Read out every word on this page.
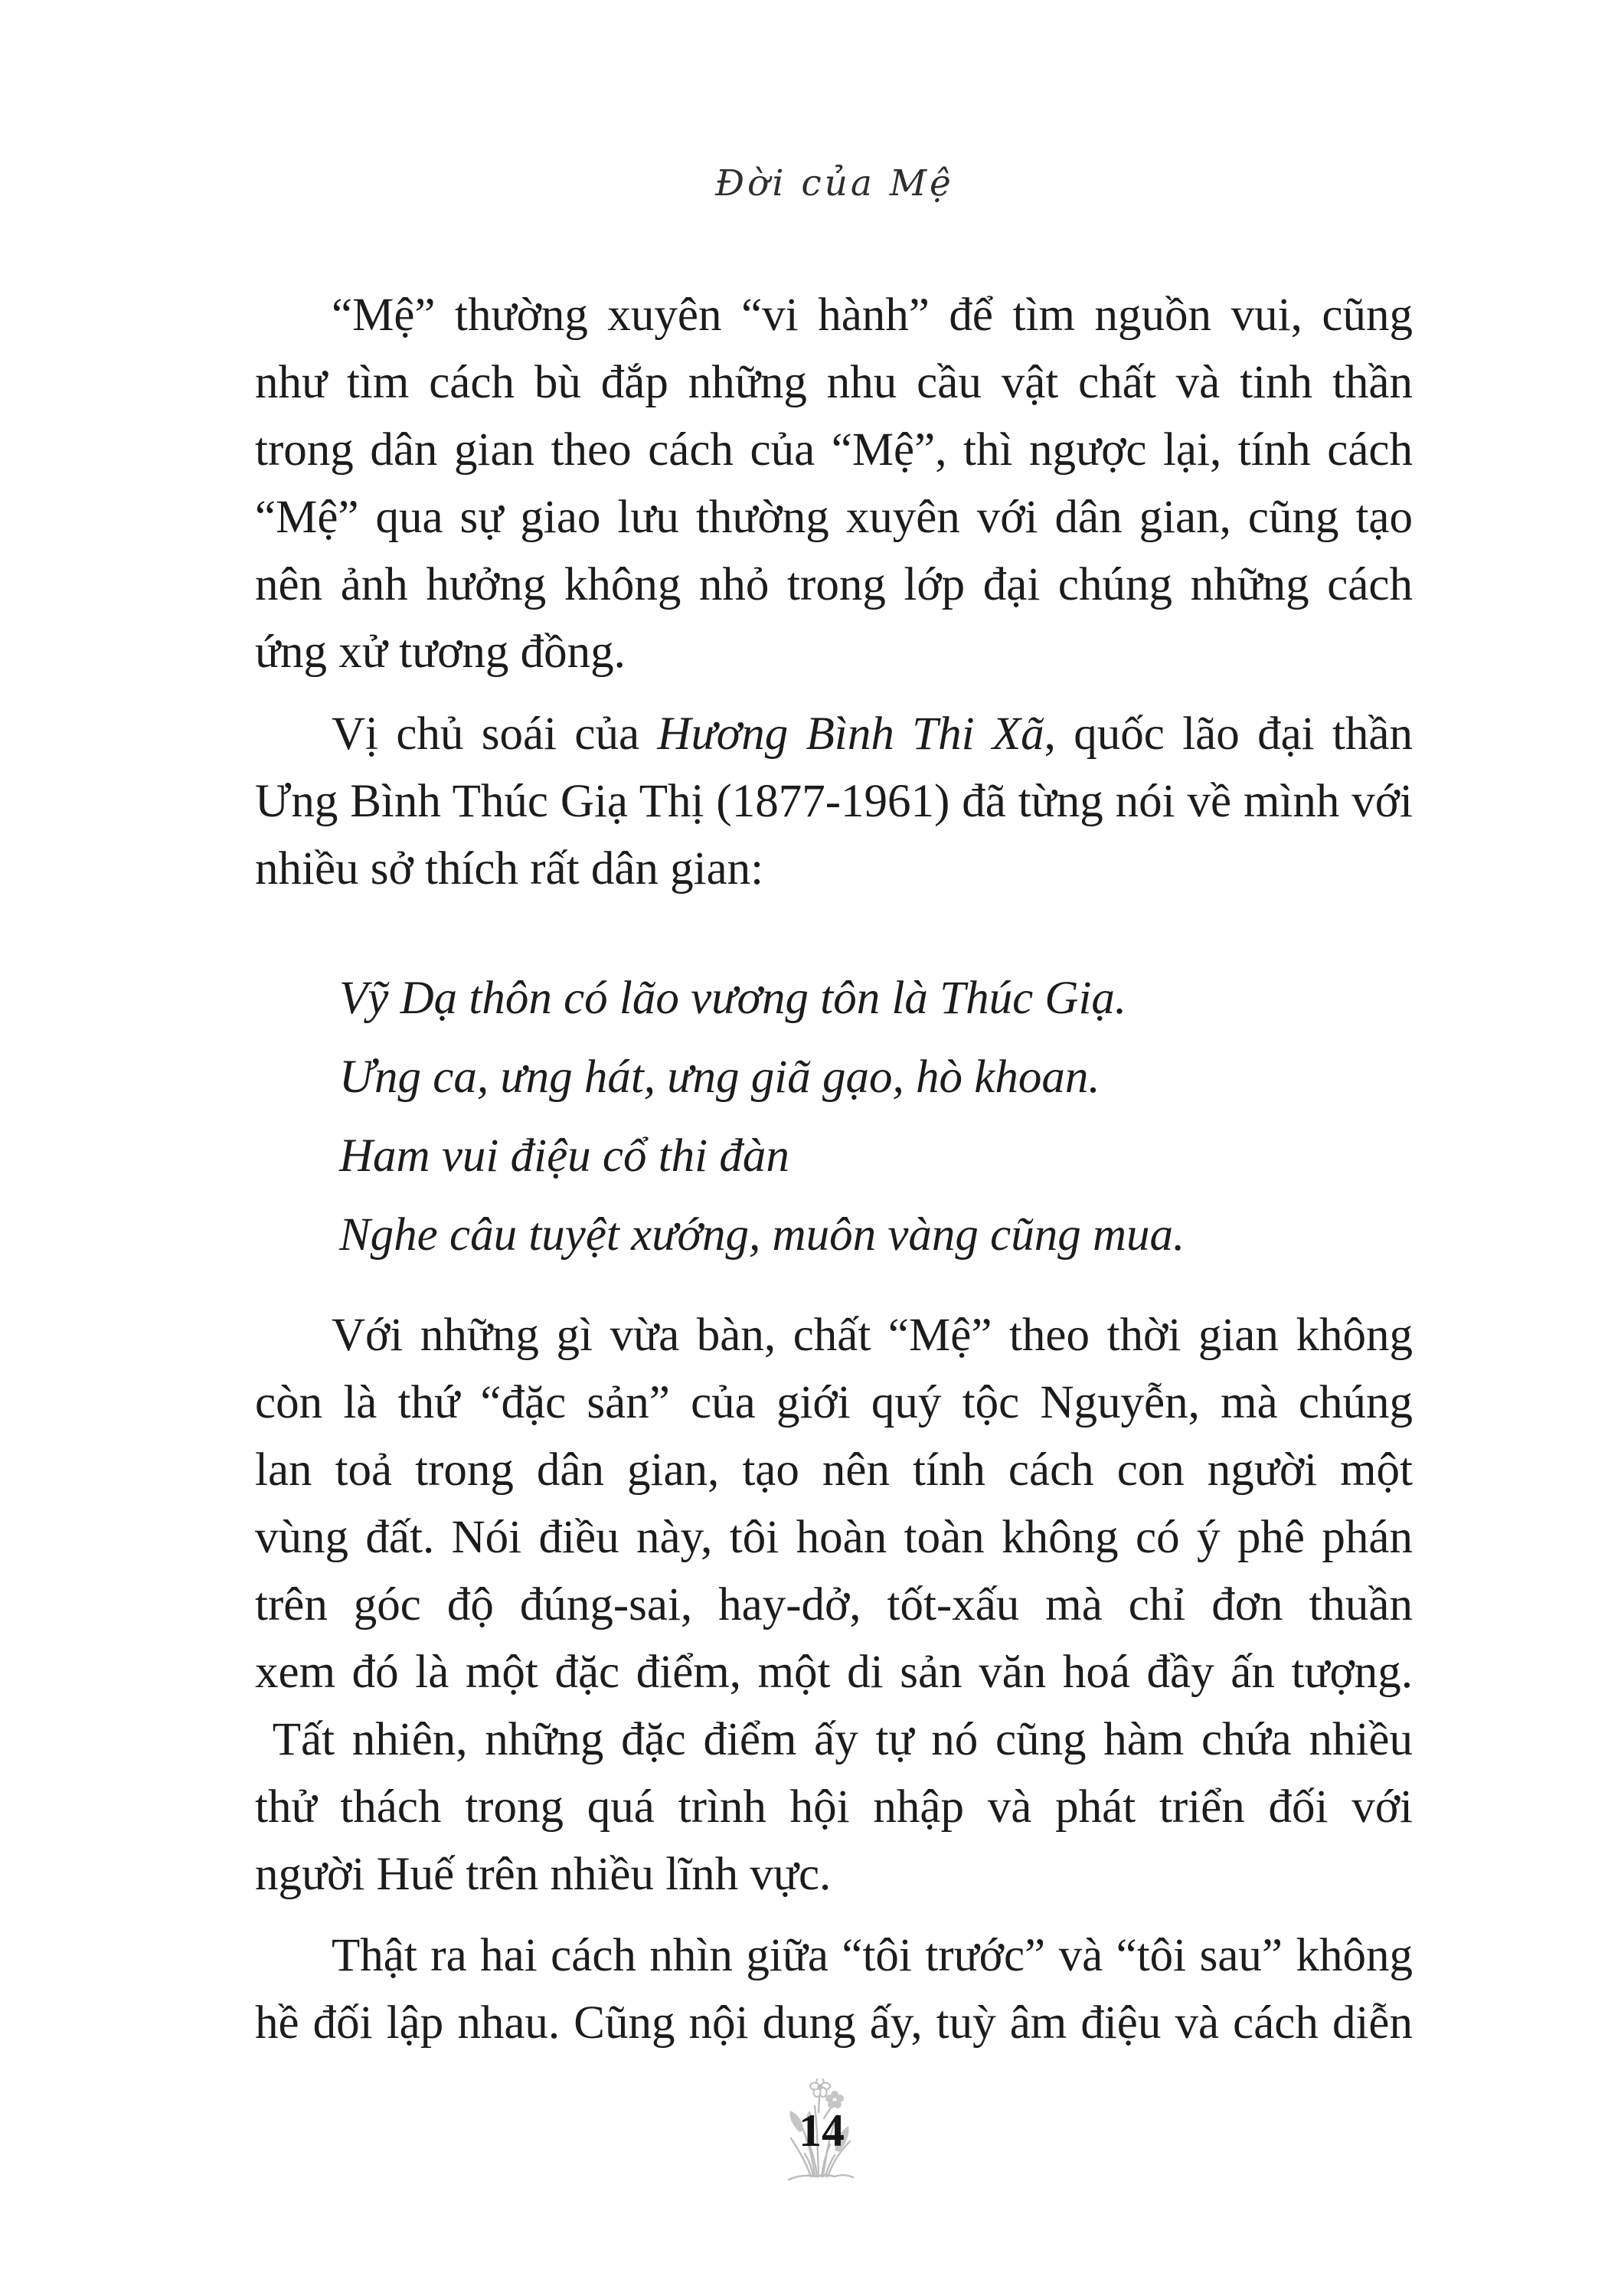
Đời của Mệ
“Mệ” thường xuyên “vi hành” để tìm nguồn vui, cũng
như tìm cách bù đắp những nhu cầu vật chất và tinh thần
trong dân gian theo cách của “Mệ”, thì ngược lại, tính cách
“Mệ” qua sự giao lưu thường xuyên với dân gian, cũng tạo
nên ảnh hưởng không nhỏ trong lớp đại chúng những cách
ứng xử tương đồng.
Vị chủ soái của Hương Bình Thi Xã, quốc lão đại thần
Ưng Bình Thúc Giạ Thị (1877-1961) đã từng nói về mình với
nhiều sở thích rất dân gian:
Vỹ Dạ thôn có lão vương tôn là Thúc Giạ.
Ưng ca, ưng hát, ưng giã gạo, hò khoan.
Ham vui điệu cổ thi đàn
Nghe câu tuyệt xướng, muôn vàng cũng mua.
Với những gì vừa bàn, chất “Mệ” theo thời gian không
còn là thứ “đặc sản” của giới quý tộc Nguyễn, mà chúng
lan toả trong dân gian, tạo nên tính cách con người một
vùng đất. Nói điều này, tôi hoàn toàn không có ý phê phán
trên góc độ đúng-sai, hay-dở, tốt-xấu mà chỉ đơn thuần
xem đó là một đặc điểm, một di sản văn hoá đầy ấn tượng.
Tất nhiên, những đặc điểm ấy tự nó cũng hàm chứa nhiều
thử thách trong quá trình hội nhập và phát triển đối với
người Huế trên nhiều lĩnh vực.
Thật ra hai cách nhìn giữa “tôi trước” và “tôi sau” không
hề đối lập nhau. Cũng nội dung ấy, tuỳ âm điệu và cách diễn
14
